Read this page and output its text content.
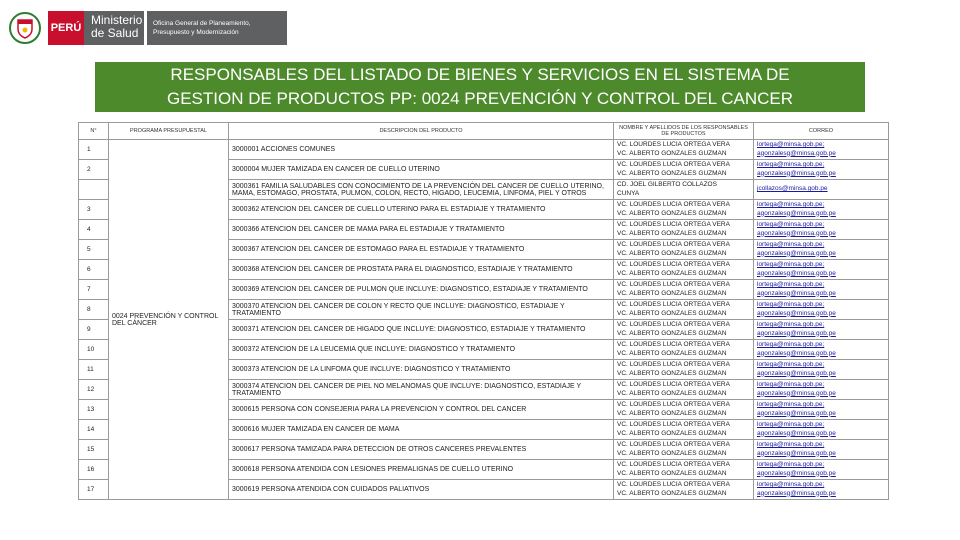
PERÚ
Ministerio
de Salud
Oficina General de Planeamiento,
Presupuesto y Modernización
RESPONSABLES DEL LISTADO DE BIENES Y SERVICIOS EN EL SISTEMA DE
GESTION DE PRODUCTOS PP: 0024 PREVENCIÓN Y CONTROL DEL CANCER
N°	PROGRAMA PRESUPUESTAL	DESCRIPCION DEL PRODUCTO	NOMBRE Y APELLIDOS DE LOS RESPONSABLES DE PRODUCTOS	CORREO
1	0024 PREVENCIÓN Y CONTROL DEL CÁNCER	3000001 ACCIONES COMUNES	VC. LOURDES LUCIA ORTEGA VERA
VC. ALBERTO GONZALES GUZMAN	lortega@minsa.gob.pe;
agonzalesg@minsa.gob.pe

2		3000004 MUJER TAMIZADA EN CANCER DE CUELLO UTERINO	VC. LOURDES LUCIA ORTEGA VERA
VC. ALBERTO GONZALES GUZMAN	lortega@minsa.gob.pe;
agonzalesg@minsa.gob.pe

		3000361 FAMILIA SALUDABLES CON CONOCIMIENTO DE LA PREVENCIÓN DEL CANCER DE CUELLO UTERINO, MAMA, ESTOMAGO, PROSTATA, PULMON, COLON, RECTO, HIGADO, LEUCEMIA, LINFOMA, PIEL Y OTROS	CD. JOEL GILBERTO COLLAZOS
CUNYA	jcollazos@minsa.gob.pe

3		3000362 ATENCION DEL CANCER DE CUELLO UTERINO PARA EL ESTADIAJE Y TRATAMIENTO	VC. LOURDES LUCIA ORTEGA VERA
VC. ALBERTO GONZALES GUZMAN	lortega@minsa.gob.pe;
agonzalesg@minsa.gob.pe

4		3000366 ATENCION DEL CANCER DE MAMA PARA EL ESTADIAJE Y TRATAMIENTO	VC. LOURDES LUCIA ORTEGA VERA
VC. ALBERTO GONZALES GUZMAN	lortega@minsa.gob.pe;
agonzalesg@minsa.gob.pe

5		3000367 ATENCION DEL CANCER DE ESTOMAGO PARA EL ESTADIAJE Y TRATAMIENTO	VC. LOURDES LUCIA ORTEGA VERA
VC. ALBERTO GONZALES GUZMAN	lortega@minsa.gob.pe;
agonzalesg@minsa.gob.pe

6		3000368 ATENCION DEL CANCER DE PROSTATA PARA EL DIAGNOSTICO, ESTADIAJE Y TRATAMIENTO	VC. LOURDES LUCIA ORTEGA VERA
VC. ALBERTO GONZALES GUZMAN	lortega@minsa.gob.pe;
agonzalesg@minsa.gob.pe

7		3000369 ATENCION DEL CANCER DE PULMON QUE INCLUYE: DIAGNOSTICO, ESTADIAJE Y TRATAMIENTO	VC. LOURDES LUCIA ORTEGA VERA
VC. ALBERTO GONZALES GUZMAN	lortega@minsa.gob.pe;
agonzalesg@minsa.gob.pe

8		3000370 ATENCION DEL CANCER DE COLON Y RECTO QUE INCLUYE: DIAGNOSTICO, ESTADIAJE Y TRATAMIENTO	VC. LOURDES LUCIA ORTEGA VERA
VC. ALBERTO GONZALES GUZMAN	lortega@minsa.gob.pe;
agonzalesg@minsa.gob.pe

9		3000371 ATENCION DEL CANCER DE HIGADO QUE INCLUYE: DIAGNOSTICO, ESTADIAJE Y TRATAMIENTO	VC. LOURDES LUCIA ORTEGA VERA
VC. ALBERTO GONZALES GUZMAN	lortega@minsa.gob.pe;
agonzalesg@minsa.gob.pe

10		3000372 ATENCION DE LA LEUCEMIA QUE INCLUYE: DIAGNOSTICO Y TRATAMIENTO	VC. LOURDES LUCIA ORTEGA VERA
VC. ALBERTO GONZALES GUZMAN	lortega@minsa.gob.pe;
agonzalesg@minsa.gob.pe

11		3000373 ATENCION DE LA LINFOMA QUE INCLUYE: DIAGNOSTICO Y TRATAMIENTO	VC. LOURDES LUCIA ORTEGA VERA
VC. ALBERTO GONZALES GUZMAN	lortega@minsa.gob.pe;
agonzalesg@minsa.gob.pe

12		3000374 ATENCION DEL CANCER DE PIEL NO MELANOMAS QUE INCLUYE: DIAGNOSTICO, ESTADIAJE Y TRATAMIENTO	VC. LOURDES LUCIA ORTEGA VERA
VC. ALBERTO GONZALES GUZMAN	lortega@minsa.gob.pe;
agonzalesg@minsa.gob.pe

13		3000615 PERSONA CON CONSEJERIA PARA LA PREVENCION Y CONTROL DEL CANCER	VC. LOURDES LUCIA ORTEGA VERA
VC. ALBERTO GONZALES GUZMAN	lortega@minsa.gob.pe;
agonzalesg@minsa.gob.pe

14		3000616 MUJER TAMIZADA EN CANCER DE MAMA	VC. LOURDES LUCIA ORTEGA VERA
VC. ALBERTO GONZALES GUZMAN	lortega@minsa.gob.pe;
agonzalesg@minsa.gob.pe

15		3000617 PERSONA TAMIZADA PARA DETECCION DE OTROS CANCERES PREVALENTES	VC. LOURDES LUCIA ORTEGA VERA
VC. ALBERTO GONZALES GUZMAN	lortega@minsa.gob.pe;
agonzalesg@minsa.gob.pe

16		3000618 PERSONA ATENDIDA CON LESIONES PREMALIGNAS DE CUELLO UTERINO	VC. LOURDES LUCIA ORTEGA VERA
VC. ALBERTO GONZALES GUZMAN	lortega@minsa.gob.pe;
agonzalesg@minsa.gob.pe

17		3000619 PERSONA ATENDIDA CON CUIDADOS PALIATIVOS	VC. LOURDES LUCIA ORTEGA VERA
VC. ALBERTO GONZALES GUZMAN	lortega@minsa.gob.pe;
agonzalesg@minsa.gob.pe
